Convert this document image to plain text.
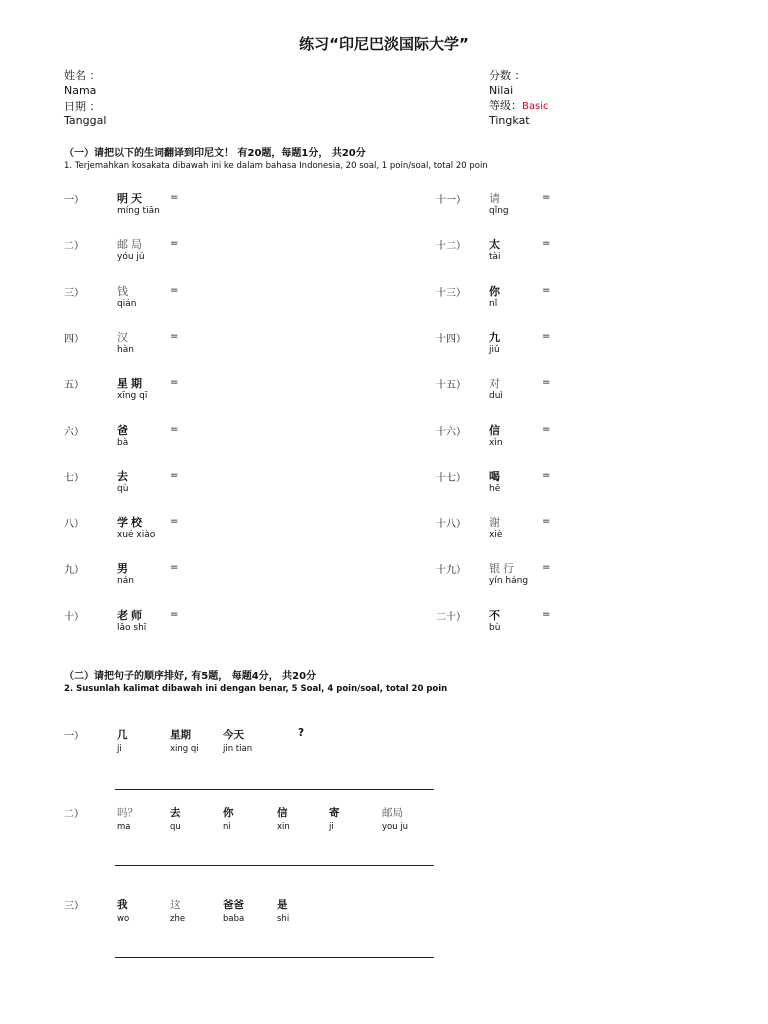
练习“印尼巴淡国际大学”
姓名 ：
Nama
日期 ：
Tanggal
分数 ：
Nilai
等级：Basic
Tingkat
（一）请把以下的生词翻译到印尼文！ 有20题，每题1分， 共20分
1. Terjemahkan kosakata dibawah ini ke dalam bahasa Indonesia, 20 soal, 1 poin/soal, total 20 poin
一）	明天
míng tiān
=
二）	邮局
yóu jú
=
三）	钱
qián
=
四）	汉
hàn
=
五）	星期
xīng qī
=
六）	爸
bà
=
七）	去
qù
=
八）	学校
xué xiào
=
九）	男
nán
=
十）	老师
lǎo shī
=
十一） 请
qǐng
=
十二） 太
tài
=
十三） 你
nǐ
=
十四） 九
jiǔ
=
十五） 对
duì
=
十六） 信
xìn
=
十七） 喝
hē
=
十八） 谢
xiè
=
十九） 银行
yín háng
=
二十） 不
bù
=
（二）请把句子的顺序排好, 有5题， 每题4分， 共20分
2. Susunlah kalimat dibawah ini dengan benar, 5 Soal, 4 poin/soal, total 20 poin
一）	几
ji
星期
xing qi
今天
jin tian
?
二）	吗？
ma
去
qu
你
ni
信
xin
寄
ji
邮局
you ju
三）	我
wo
这
zhe
爸爸
baba
是
shi
